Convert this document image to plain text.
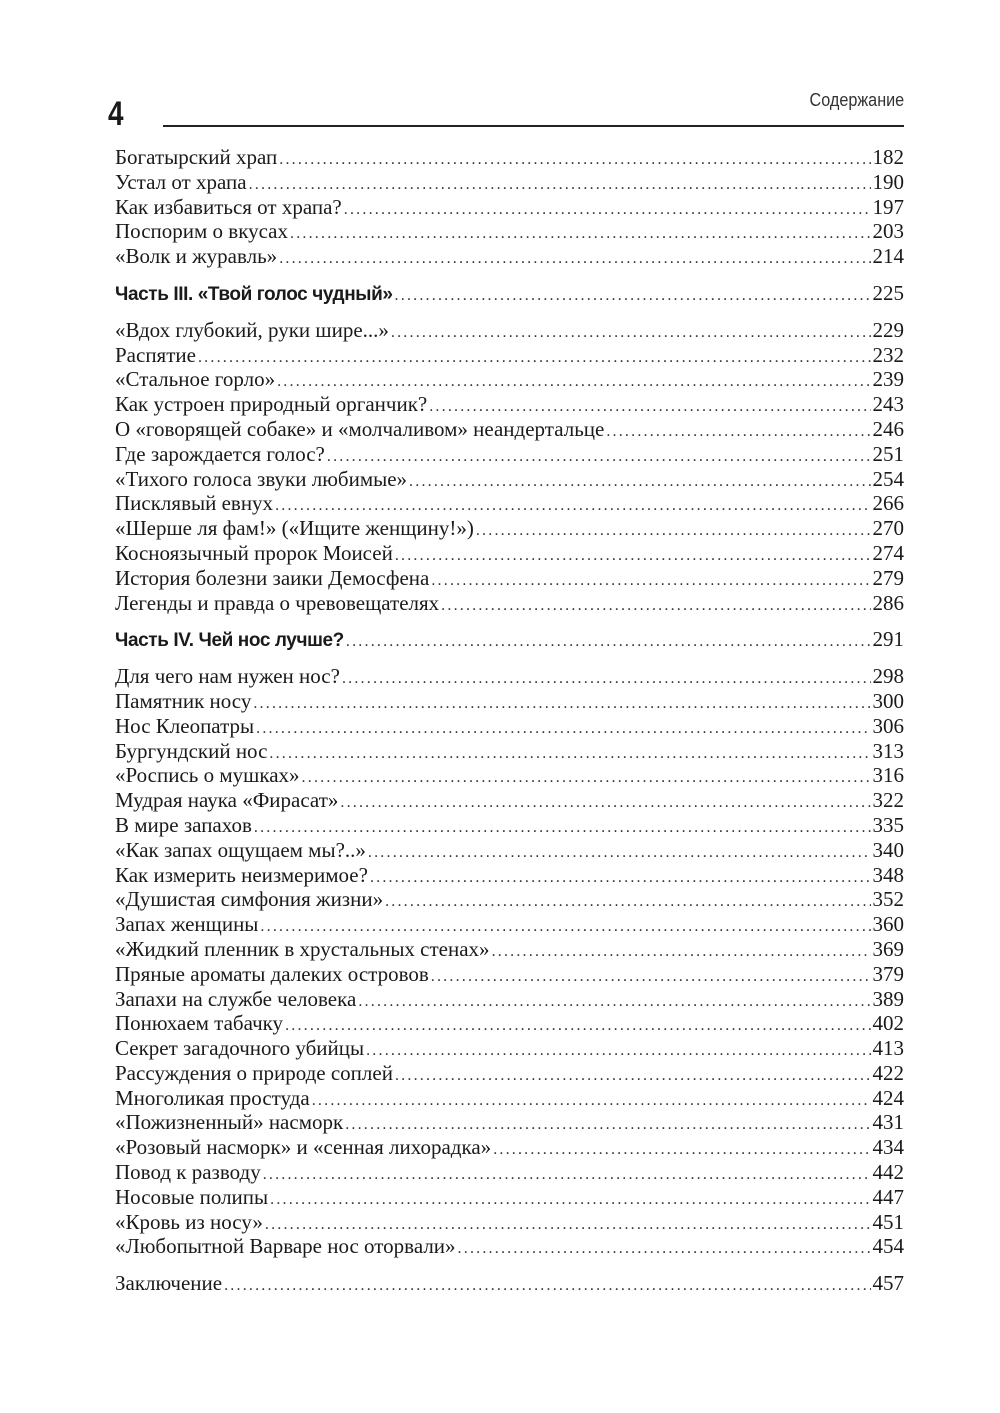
4	Содержание
Богатырский храп .....	182
Устал от храпа .....	190
Как избавиться от храпа? .....	197
Поспорим о вкусах .....	203
«Волк и журавль» .....	214
Часть III. «Твой голос чудный» .....	225
«Вдох глубокий, руки шире...» .....	229
Распятие .....	232
«Стальное горло» .....	239
Как устроен природный органчик? .....	243
О «говорящей собаке» и «молчаливом» неандертальце .....	246
Где зарождается голос? .....	251
«Тихого голоса звуки любимые» .....	254
Писклявый евнух .....	266
«Шерше ля фам!» («Ищите женщину!») .....	270
Косноязычный пророк Моисей .....	274
История болезни заики Демосфена .....	279
Легенды и правда о чревовещателях .....	286
Часть IV. Чей нос лучше? .....	291
Для чего нам нужен нос? .....	298
Памятник носу .....	300
Нос Клеопатры .....	306
Бургундский нос .....	313
«Роспись о мушках» .....	316
Мудрая наука «Фирасат» .....	322
В мире запахов .....	335
«Как запах ощущаем мы?..» .....	340
Как измерить неизмеримое? .....	348
«Душистая симфония жизни» .....	352
Запах женщины .....	360
«Жидкий пленник в хрустальных стенах» .....	369
Пряные ароматы далеких островов .....	379
Запахи на службе человека .....	389
Понюхаем табачку .....	402
Секрет загадочного убийцы .....	413
Рассуждения о природе соплей .....	422
Многоликая простуда .....	424
«Пожизненный» насморк .....	431
«Розовый насморк» и «сенная лихорадка» .....	434
Повод к разводу .....	442
Носовые полипы .....	447
«Кровь из носу» .....	451
«Любопытной Варваре нос оторвали» .....	454
Заключение .....	457
